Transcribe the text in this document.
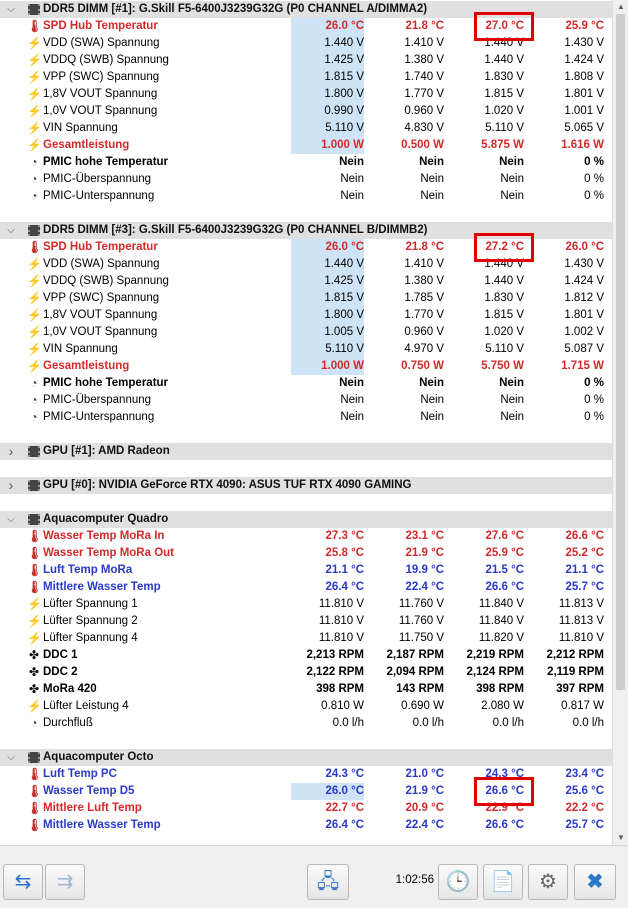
⌵ DDR5 DIMM [#1]: G.Skill F5-6400J3239G32G (P0 CHANNEL A/DIMMA2)
🌡 SPD Hub Temperatur	26.0 °C	21.8 °C	27.0 °C	25.9 °C
⚡ VDD (SWA) Spannung	1.440 V	1.410 V	1.440 V	1.430 V
⚡ VDDQ (SWB) Spannung	1.425 V	1.380 V	1.440 V	1.424 V
⚡ VPP (SWC) Spannung	1.815 V	1.740 V	1.830 V	1.808 V
⚡ 1,8V VOUT Spannung	1.800 V	1.770 V	1.815 V	1.801 V
⚡ 1,0V VOUT Spannung	0.990 V	0.960 V	1.020 V	1.001 V
⚡ VIN Spannung	5.110 V	4.830 V	5.110 V	5.065 V
⚡ Gesamtleistung	1.000 W	0.500 W	5.875 W	1.616 W
◔ PMIC hohe Temperatur	Nein	Nein	Nein	0 %
◔ PMIC-Überspannung	Nein	Nein	Nein	0 %
◔ PMIC-Unterspannung	Nein	Nein	Nein	0 %
⌵ DDR5 DIMM [#3]: G.Skill F5-6400J3239G32G (P0 CHANNEL B/DIMMB2)
🌡 SPD Hub Temperatur	26.0 °C	21.8 °C	27.2 °C	26.0 °C
⚡ VDD (SWA) Spannung	1.440 V	1.410 V	1.440 V	1.430 V
⚡ VDDQ (SWB) Spannung	1.425 V	1.380 V	1.440 V	1.424 V
⚡ VPP (SWC) Spannung	1.815 V	1.785 V	1.830 V	1.812 V
⚡ 1,8V VOUT Spannung	1.800 V	1.770 V	1.815 V	1.801 V
⚡ 1,0V VOUT Spannung	1.005 V	0.960 V	1.020 V	1.002 V
⚡ VIN Spannung	5.110 V	4.970 V	5.110 V	5.087 V
⚡ Gesamtleistung	1.000 W	0.750 W	5.750 W	1.715 W
◔ PMIC hohe Temperatur	Nein	Nein	Nein	0 %
◔ PMIC-Überspannung	Nein	Nein	Nein	0 %
◔ PMIC-Unterspannung	Nein	Nein	Nein	0 %
›	GPU [#1]: AMD Radeon
›	GPU [#0]: NVIDIA GeForce RTX 4090: ASUS TUF RTX 4090 GAMING
⌵ Aquacomputer Quadro
🌡 Wasser Temp MoRa In	27.3 °C	23.1 °C	27.6 °C	26.6 °C
🌡 Wasser Temp MoRa Out	25.8 °C	21.9 °C	25.9 °C	25.2 °C
🌡 Luft Temp MoRa	21.1 °C	19.9 °C	21.5 °C	21.1 °C
🌡 Mittlere Wasser Temp	26.4 °C	22.4 °C	26.6 °C	25.7 °C
⚡ Lüfter Spannung 1	11.810 V	11.760 V	11.840 V	11.813 V
⚡ Lüfter Spannung 2	11.810 V	11.760 V	11.840 V	11.813 V
⚡ Lüfter Spannung 4	11.810 V	11.750 V	11.820 V	11.810 V
✤ DDC 1	2,213 RPM	2,187 RPM	2,219 RPM	2,212 RPM
✤ DDC 2	2,122 RPM	2,094 RPM	2,124 RPM	2,119 RPM
✤ MoRa 420	398 RPM	143 RPM	398 RPM	397 RPM
⚡ Lüfter Leistung 4	0.810 W	0.690 W	2.080 W	0.817 W
◔ Durchfluß	0.0 l/h	0.0 l/h	0.0 l/h	0.0 l/h
⌵ Aquacomputer Octo
🌡 Luft Temp PC	24.3 °C	21.0 °C	24.3 °C	23.4 °C
🌡 Wasser Temp D5	26.0 °C	21.9 °C	26.6 °C	25.6 °C
🌡 Mittlere Luft Temp	22.7 °C	20.9 °C	22.9 °C	22.2 °C
🌡 Mittlere Wasser Temp	26.4 °C	22.4 °C	26.6 °C	25.7 °C
▲
▼
⇆	⇉	🖧	1:02:56 🕒	📄	⚙	✖
